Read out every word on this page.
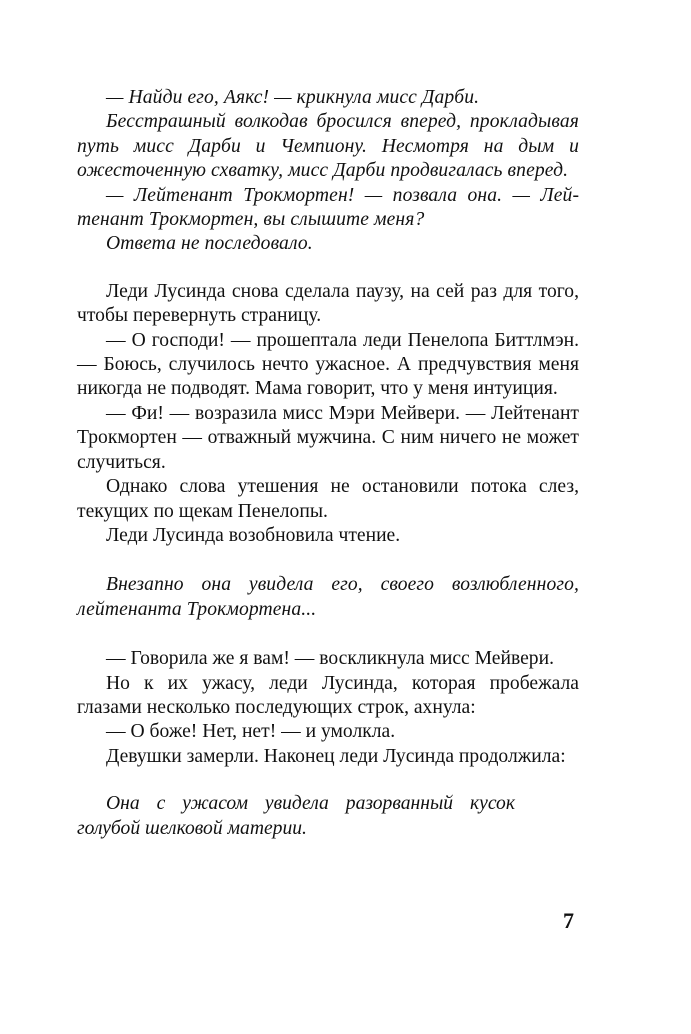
— Найди его, Аякс! — крикнула мисс Дарби.

Бесстрашный волкодав бросился вперед, прокладывая путь мисс Дарби и Чемпиону. Несмотря на дым и ожесточенную схватку, мисс Дарби продвигалась вперед.

— Лейтенант Трокмортен! — позвала она. — Лейтенант Трокмортен, вы слышите меня?

Ответа не последовало.

Леди Лусинда снова сделала паузу, на сей раз для того, чтобы перевернуть страницу.

— О господи! — прошептала леди Пенелопа Биттлмэн. — Боюсь, случилось нечто ужасное. А предчувствия меня никогда не подводят. Мама говорит, что у меня интуиция.

— Фи! — возразила мисс Мэри Мейвери. — Лейтенант Трокмортен — отважный мужчина. С ним ничего не может случиться.

Однако слова утешения не остановили потока слез, текущих по щекам Пенелопы.

Леди Лусинда возобновила чтение.

Внезапно она увидела его, своего возлюбленного, лейтенанта Трокмортена...

— Говорила же я вам! — воскликнула мисс Мейвери.

Но к их ужасу, леди Лусинда, которая пробежала глазами несколько последующих строк, ахнула:

— О боже! Нет, нет! — и умолкла.

Девушки замерли. Наконец леди Лусинда продолжила:

Она с ужасом увидела разорванный кусок голубой шелковой материи.

7
